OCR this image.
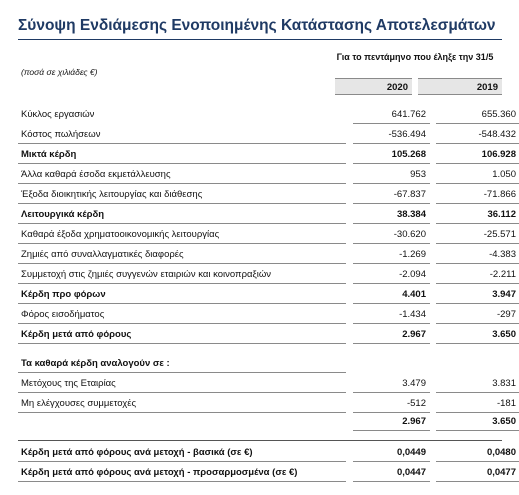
Σύνοψη Ενδιάμεσης Ενοποιημένης Κατάστασης Αποτελεσμάτων
(ποσά σε χιλιάδες €)
Για το πεντάμηνο που έληξε την 31/5
2020	2019
Κύκλος εργασιών	641.762	655.360
Κόστος πωλήσεων	-536.494	-548.432
Μικτά κέρδη	105.268	106.928
Άλλα καθαρά έσοδα εκμετάλλευσης	953	1.050
Έξοδα διοικητικής λειτουργίας και διάθεσης	-67.837	-71.866
Λειτουργικά κέρδη	38.384	36.112
Καθαρά έξοδα χρηματοοικονομικής λειτουργίας	-30.620	-25.571
Ζημιές από συναλλαγματικές διαφορές	-1.269	-4.383
Συμμετοχή στις ζημιές συγγενών εταιριών και κοινοπραξιών	-2.094	-2.211
Κέρδη προ φόρων	4.401	3.947
Φόρος εισοδήματος	-1.434	-297
Κέρδη μετά από φόρους	2.967	3.650
Τα καθαρά κέρδη αναλογούν σε :
Μετόχους της Εταιρίας	3.479	3.831
Μη ελέγχουσες συμμετοχές	-512	-181
2.967	3.650
Κέρδη μετά από φόρους ανά μετοχή - βασικά (σε €)	0,0449	0,0480
Κέρδη μετά από φόρους ανά μετοχή - προσαρμοσμένα (σε €)	0,0447	0,0477
